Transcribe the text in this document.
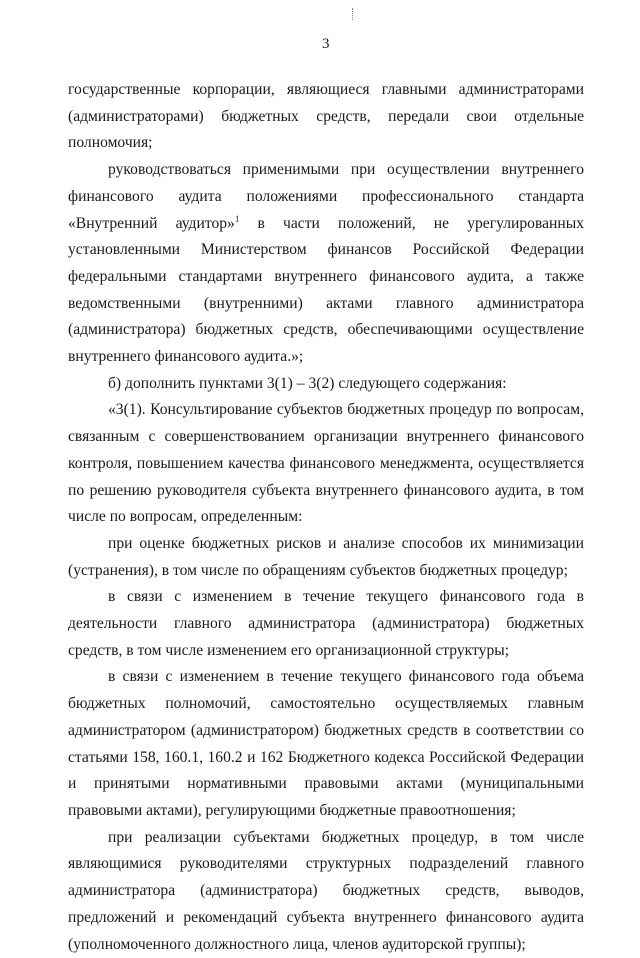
3

государственные корпорации, являющиеся главными администраторами (администраторами) бюджетных средств, передали свои отдельные полномочия;

руководствоваться применимыми при осуществлении внутреннего финансового аудита положениями профессионального стандарта «Внутренний аудитор»$^1$ в части положений, не урегулированных установленными Министерством финансов Российской Федерации федеральными стандартами внутреннего финансового аудита, а также ведомственными (внутренними) актами главного администратора (администратора) бюджетных средств, обеспечивающими осуществление внутреннего финансового аудита.»;

б) дополнить пунктами 3(1) – 3(2) следующего содержания:

«3(1). Консультирование субъектов бюджетных процедур по вопросам, связанным с совершенствованием организации внутреннего финансового контроля, повышением качества финансового менеджмента, осуществляется по решению руководителя субъекта внутреннего финансового аудита, в том числе по вопросам, определенным:

при оценке бюджетных рисков и анализе способов их минимизации (устранения), в том числе по обращениям субъектов бюджетных процедур;

в связи с изменением в течение текущего финансового года в деятельности главного администратора (администратора) бюджетных средств, в том числе изменением его организационной структуры;

в связи с изменением в течение текущего финансового года объема бюджетных полномочий, самостоятельно осуществляемых главным администратором (администратором) бюджетных средств в соответствии со статьями 158, 160.1, 160.2 и 162 Бюджетного кодекса Российской Федерации и принятыми нормативными правовыми актами (муниципальными правовыми актами), регулирующими бюджетные правоотношения;

при реализации субъектами бюджетных процедур, в том числе являющимися руководителями структурных подразделений главного администратора (администратора) бюджетных средств, выводов, предложений и рекомендаций субъекта внутреннего финансового аудита (уполномоченного должностного лица, членов аудиторской группы);
